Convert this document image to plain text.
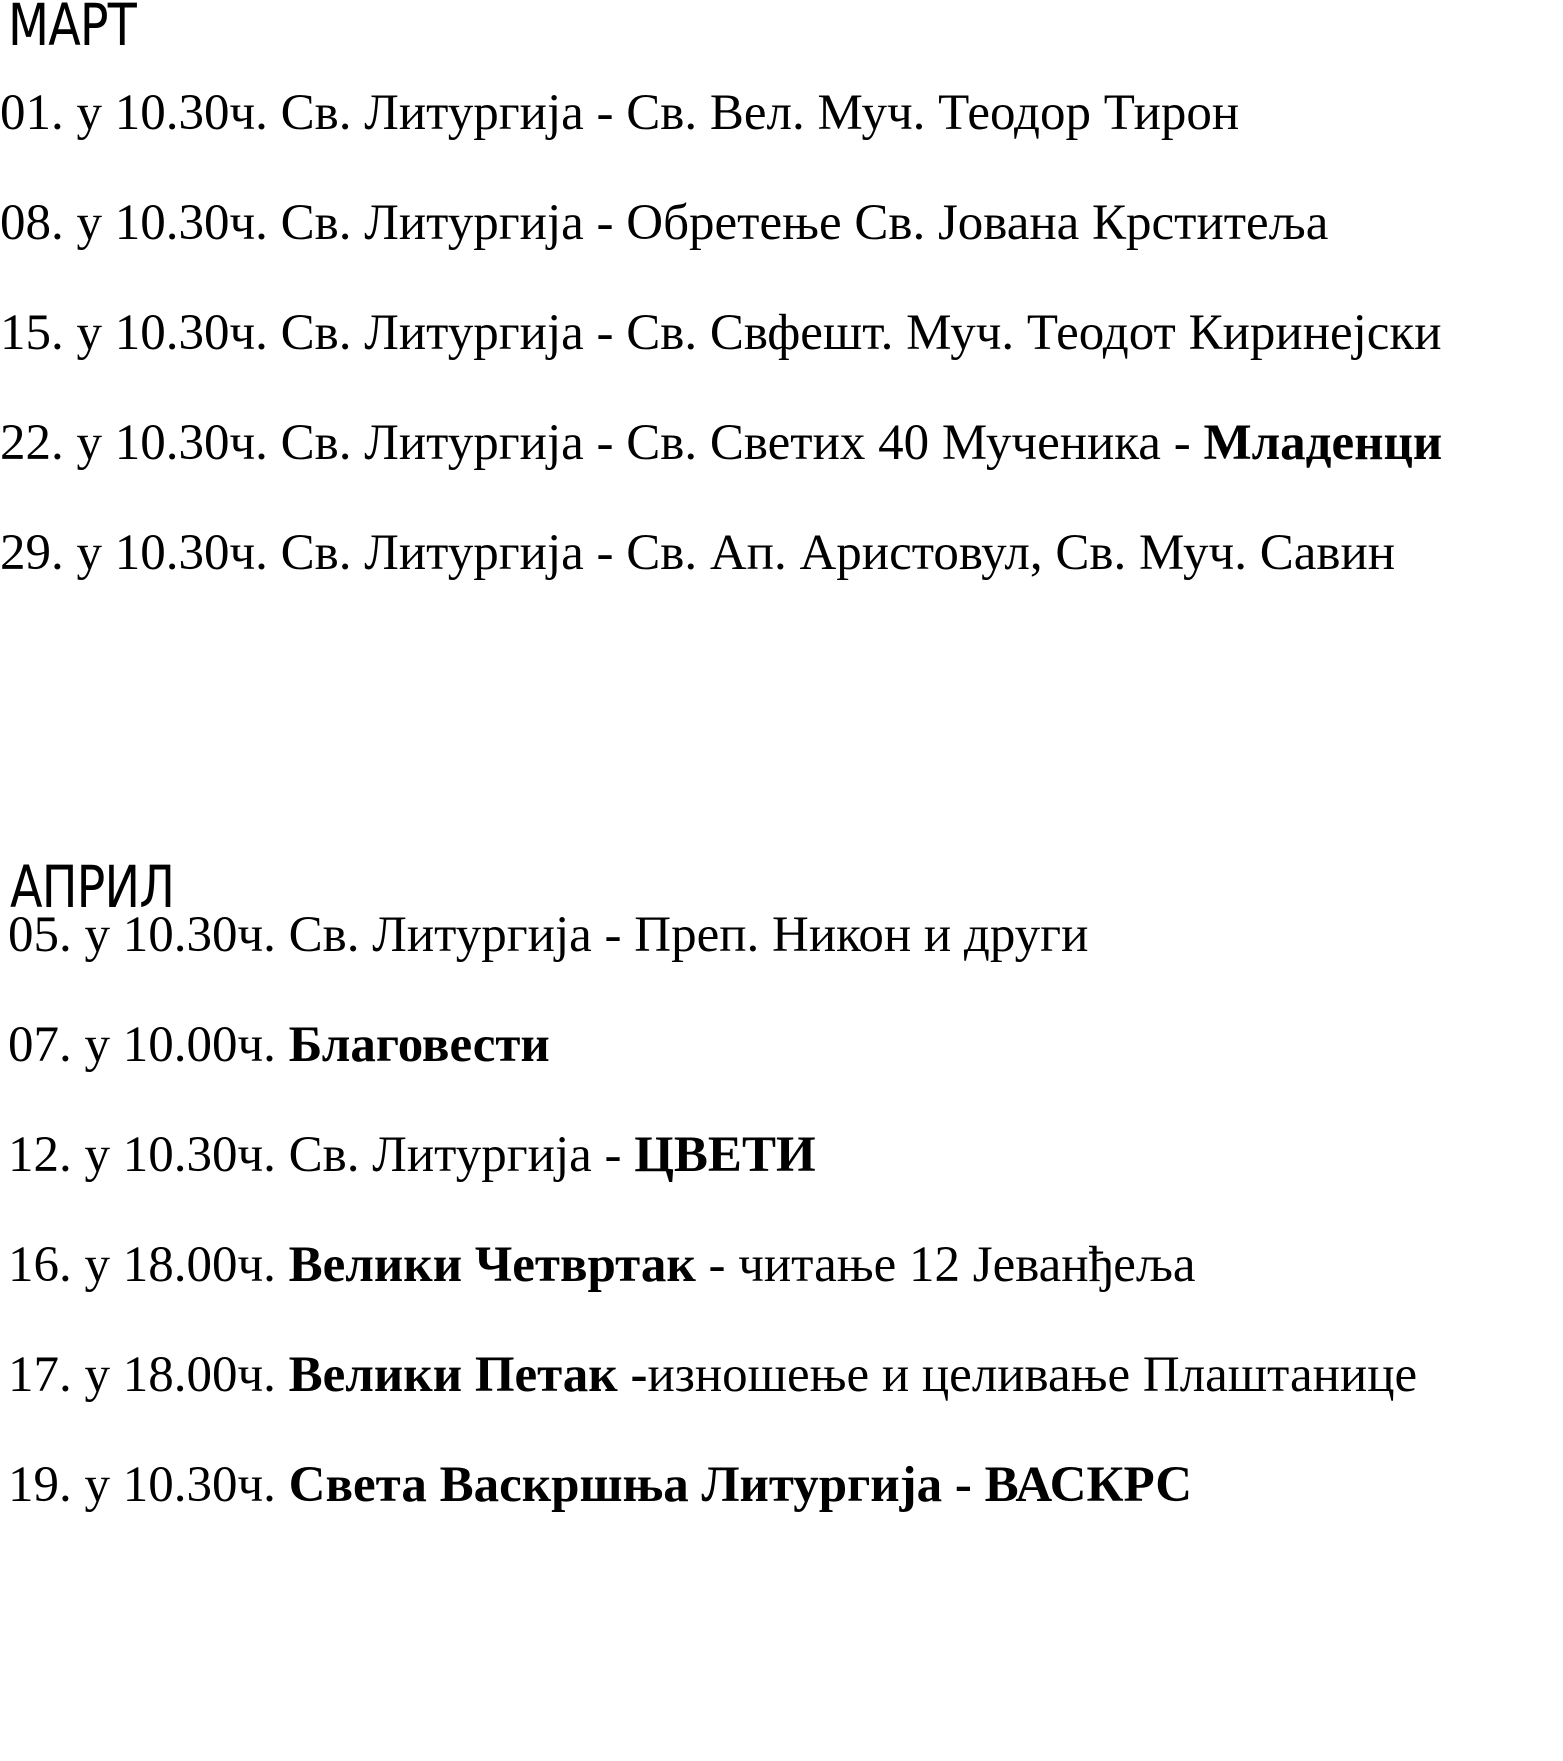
МАРТ

01. у 10.30ч. Св. Литургија - Св. Вел. Муч. Теодор Тирон

08. у 10.30ч. Св. Литургија - Обретење Св. Јована Крститеља

15. у 10.30ч. Св. Литургија - Св. Свфешт. Муч. Теодот Киринејски

22. у 10.30ч. Св. Литургија - Св. Светих 40 Мученика - Младенци

29. у 10.30ч. Св. Литургија - Св. Ап. Аристовул, Св. Муч. Савин

АПРИЛ

05. у 10.30ч. Св. Литургија - Преп. Никон и други

07. у 10.00ч. Благовести

12. у 10.30ч. Св. Литургија - ЦВЕТИ

16. у 18.00ч. Велики Четвртак - читање 12 Јеванђеља

17. у 18.00ч. Велики Петак -изношење и целивање Плаштанице

19. у 10.30ч. Света Васкршња Литургија - ВАСКРС
